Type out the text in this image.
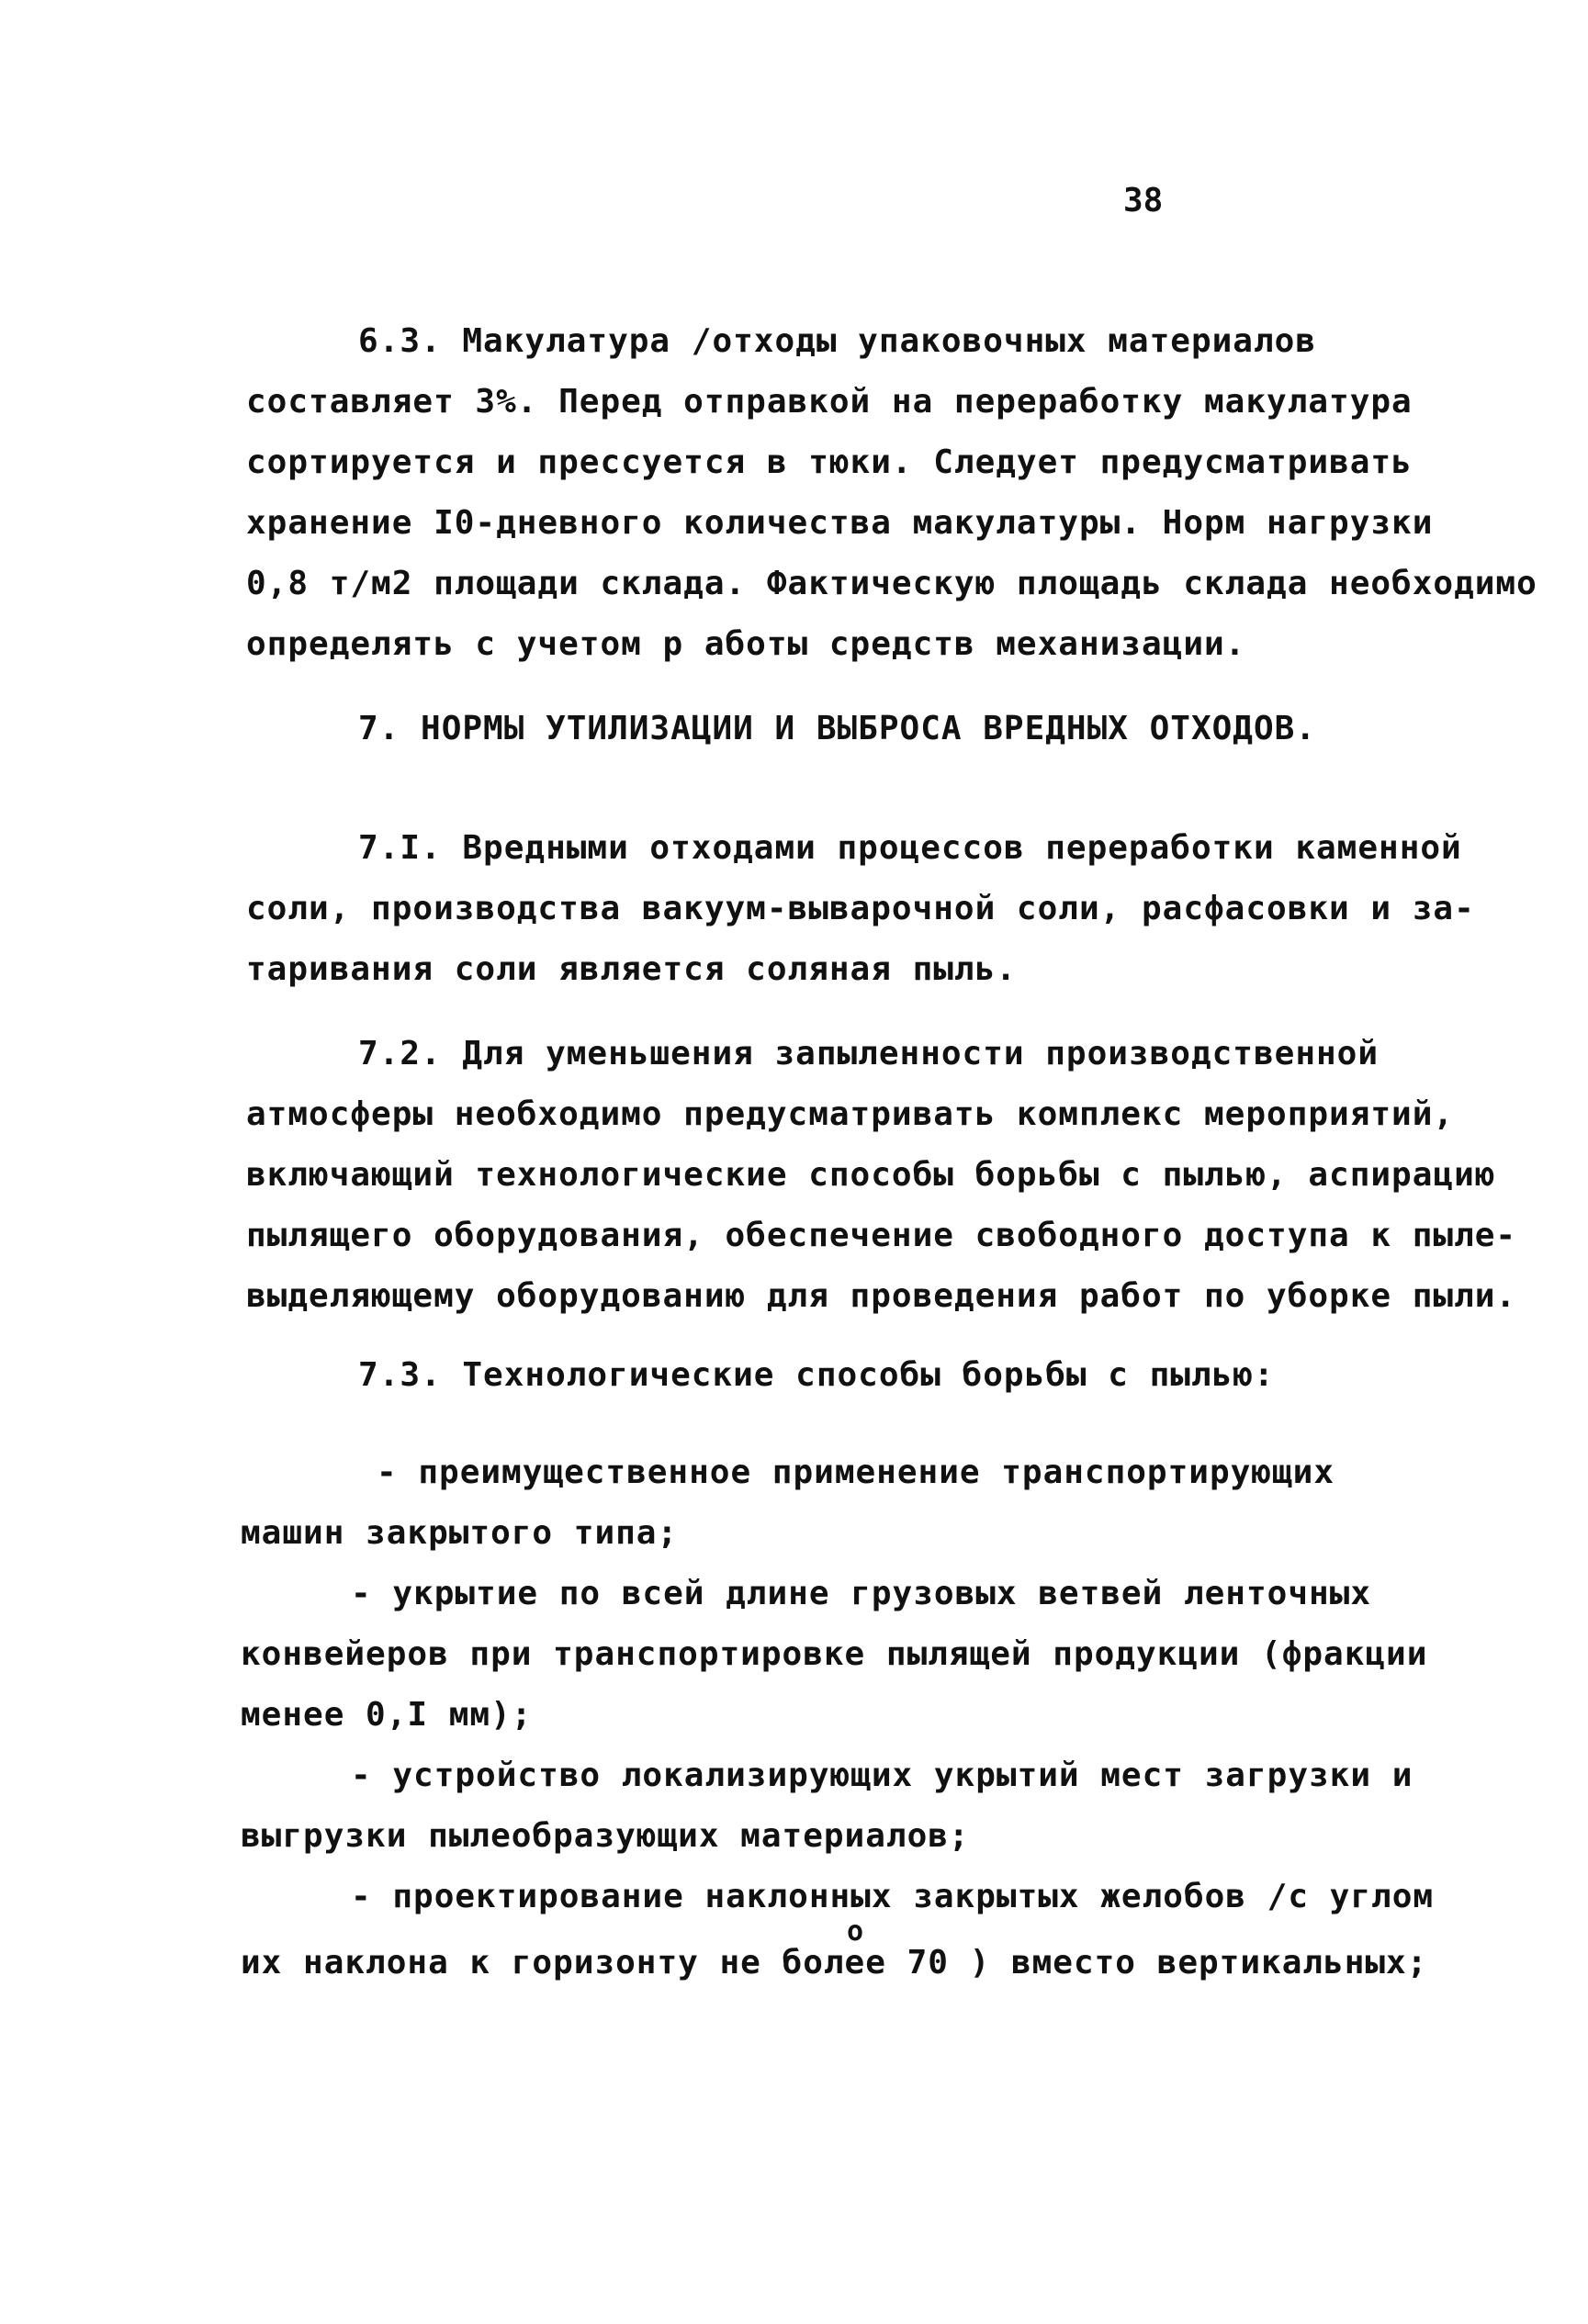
38
6.3. Макулатура /отходы упаковочных материалов
составляет 3%. Перед отправкой на переработку макулатура
сортируется и прессуется в тюки. Следует предусматривать
хранение I0-дневного количества макулатуры. Норм нагрузки
0,8 т/м2 площади склада. Фактическую площадь склада необходимо
определять с учетом р аботы средств механизации.
7. НОРМЫ УТИЛИЗАЦИИ И ВЫБРОСА ВРЕДНЫХ ОТХОДОВ.
7.I. Вредными отходами процессов переработки каменной
соли, производства вакуум-выварочной соли, расфасовки и за-
таривания соли является соляная пыль.
7.2. Для уменьшения запыленности производственной
атмосферы необходимо предусматривать комплекс мероприятий,
включающий технологические способы борьбы с пылью, аспирацию
пылящего оборудования, обеспечение свободного доступа к пыле-
выделяющему оборудованию для проведения работ по уборке пыли.
7.3. Технологические способы борьбы с пылью:
- преимущественное применение транспортирующих
машин закрытого типа;
- укрытие по всей длине грузовых ветвей ленточных
конвейеров при транспортировке пылящей продукции (фракции
менее 0,I мм);
- устройство локализирующих укрытий мест загрузки и
выгрузки пылеобразующих материалов;
- проектирование наклонных закрытых желобов /с углом
о
их наклона к горизонту не более 70 ) вместо вертикальных;
